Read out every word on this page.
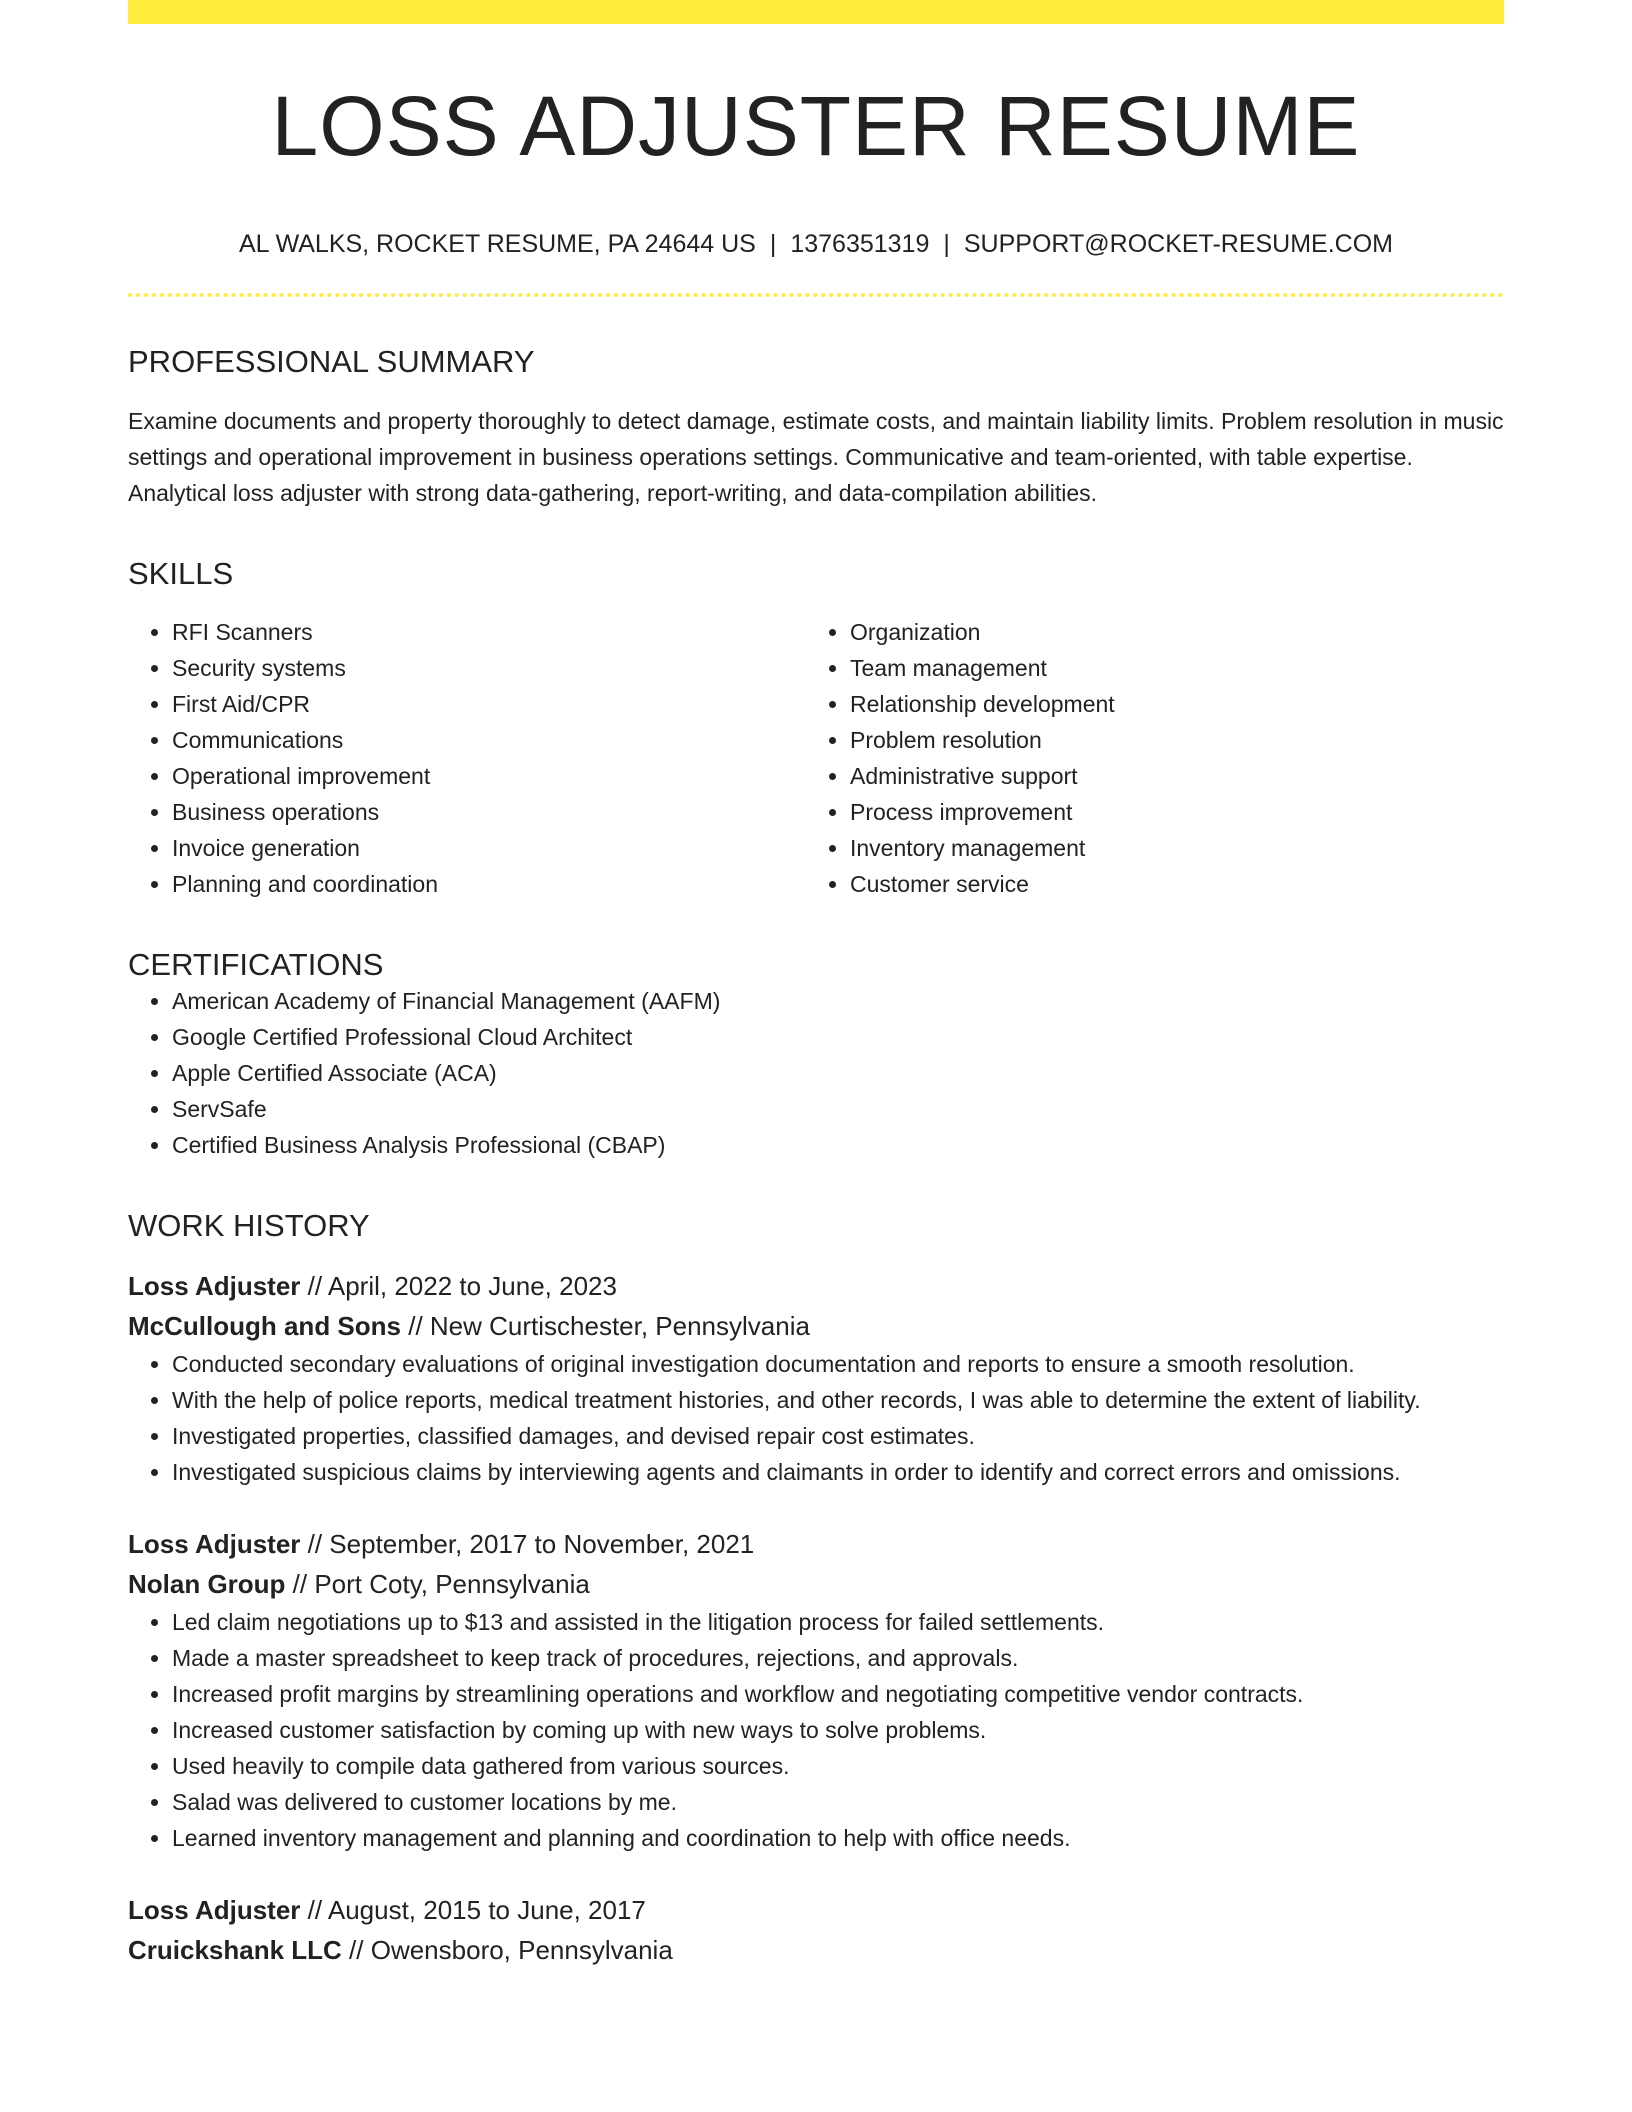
LOSS ADJUSTER RESUME
AL WALKS, ROCKET RESUME, PA 24644 US | 1376351319 | SUPPORT@ROCKET-RESUME.COM
PROFESSIONAL SUMMARY

Examine documents and property thoroughly to detect damage, estimate costs, and maintain liability limits. Problem resolution in music settings and operational improvement in business operations settings. Communicative and team-oriented, with table expertise. Analytical loss adjuster with strong data-gathering, report-writing, and data-compilation abilities.

SKILLS
• RFI Scanners
• Security systems
• First Aid/CPR
• Communications
• Operational improvement
• Business operations
• Invoice generation
• Planning and coordination
• Organization
• Team management
• Relationship development
• Problem resolution
• Administrative support
• Process improvement
• Inventory management
• Customer service
CERTIFICATIONS
• American Academy of Financial Management (AAFM)
• Google Certified Professional Cloud Architect
• Apple Certified Associate (ACA)
• ServSafe
• Certified Business Analysis Professional (CBAP)
WORK HISTORY
Loss Adjuster // April, 2022 to June, 2023
McCullough and Sons // New Curtischester, Pennsylvania
• Conducted secondary evaluations of original investigation documentation and reports to ensure a smooth resolution.
• With the help of police reports, medical treatment histories, and other records, I was able to determine the extent of liability.
• Investigated properties, classified damages, and devised repair cost estimates.
• Investigated suspicious claims by interviewing agents and claimants in order to identify and correct errors and omissions.
Loss Adjuster // September, 2017 to November, 2021
Nolan Group // Port Coty, Pennsylvania
• Led claim negotiations up to $13 and assisted in the litigation process for failed settlements.
• Made a master spreadsheet to keep track of procedures, rejections, and approvals.
• Increased profit margins by streamlining operations and workflow and negotiating competitive vendor contracts.
• Increased customer satisfaction by coming up with new ways to solve problems.
• Used heavily to compile data gathered from various sources.
• Salad was delivered to customer locations by me.
• Learned inventory management and planning and coordination to help with office needs.
Loss Adjuster // August, 2015 to June, 2017
Cruickshank LLC // Owensboro, Pennsylvania
